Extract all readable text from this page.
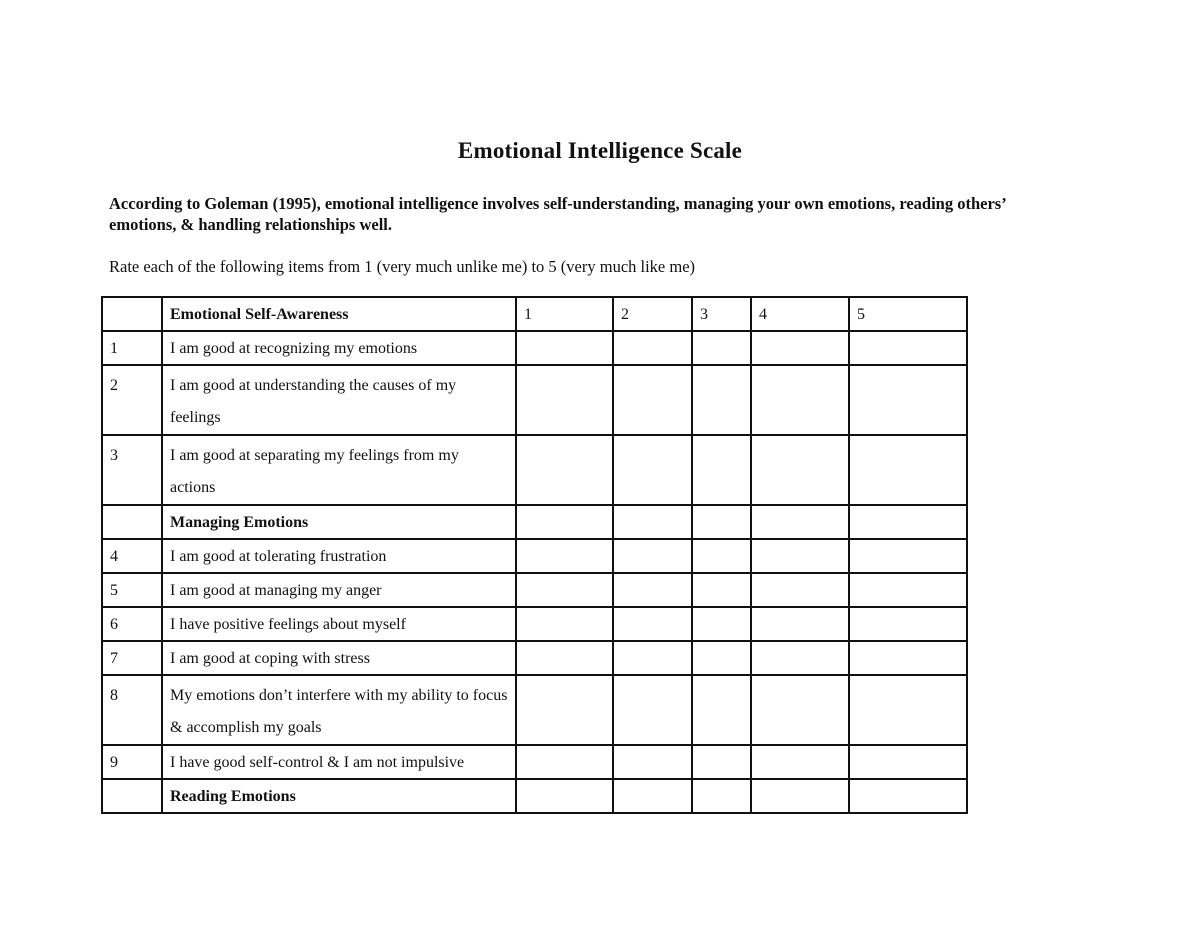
Emotional Intelligence Scale
According to Goleman (1995), emotional intelligence involves self-understanding, managing your own emotions, reading others’ emotions, & handling relationships well.
Rate each of the following items from 1 (very much unlike me) to 5 (very much like me)
	Emotional Self-Awareness	1	2	3	4	5
1	I am good at recognizing my emotions					
2	I am good at understanding the causes of my feelings					
3	I am good at separating my feelings from my actions					
	Managing Emotions					
4	I am good at tolerating frustration					
5	I am good at managing my anger					
6	I have positive feelings about myself					
7	I am good at coping with stress					
8	My emotions don’t interfere with my ability to focus & accomplish my goals					
9	I have good self-control & I am not impulsive					
	Reading Emotions					
